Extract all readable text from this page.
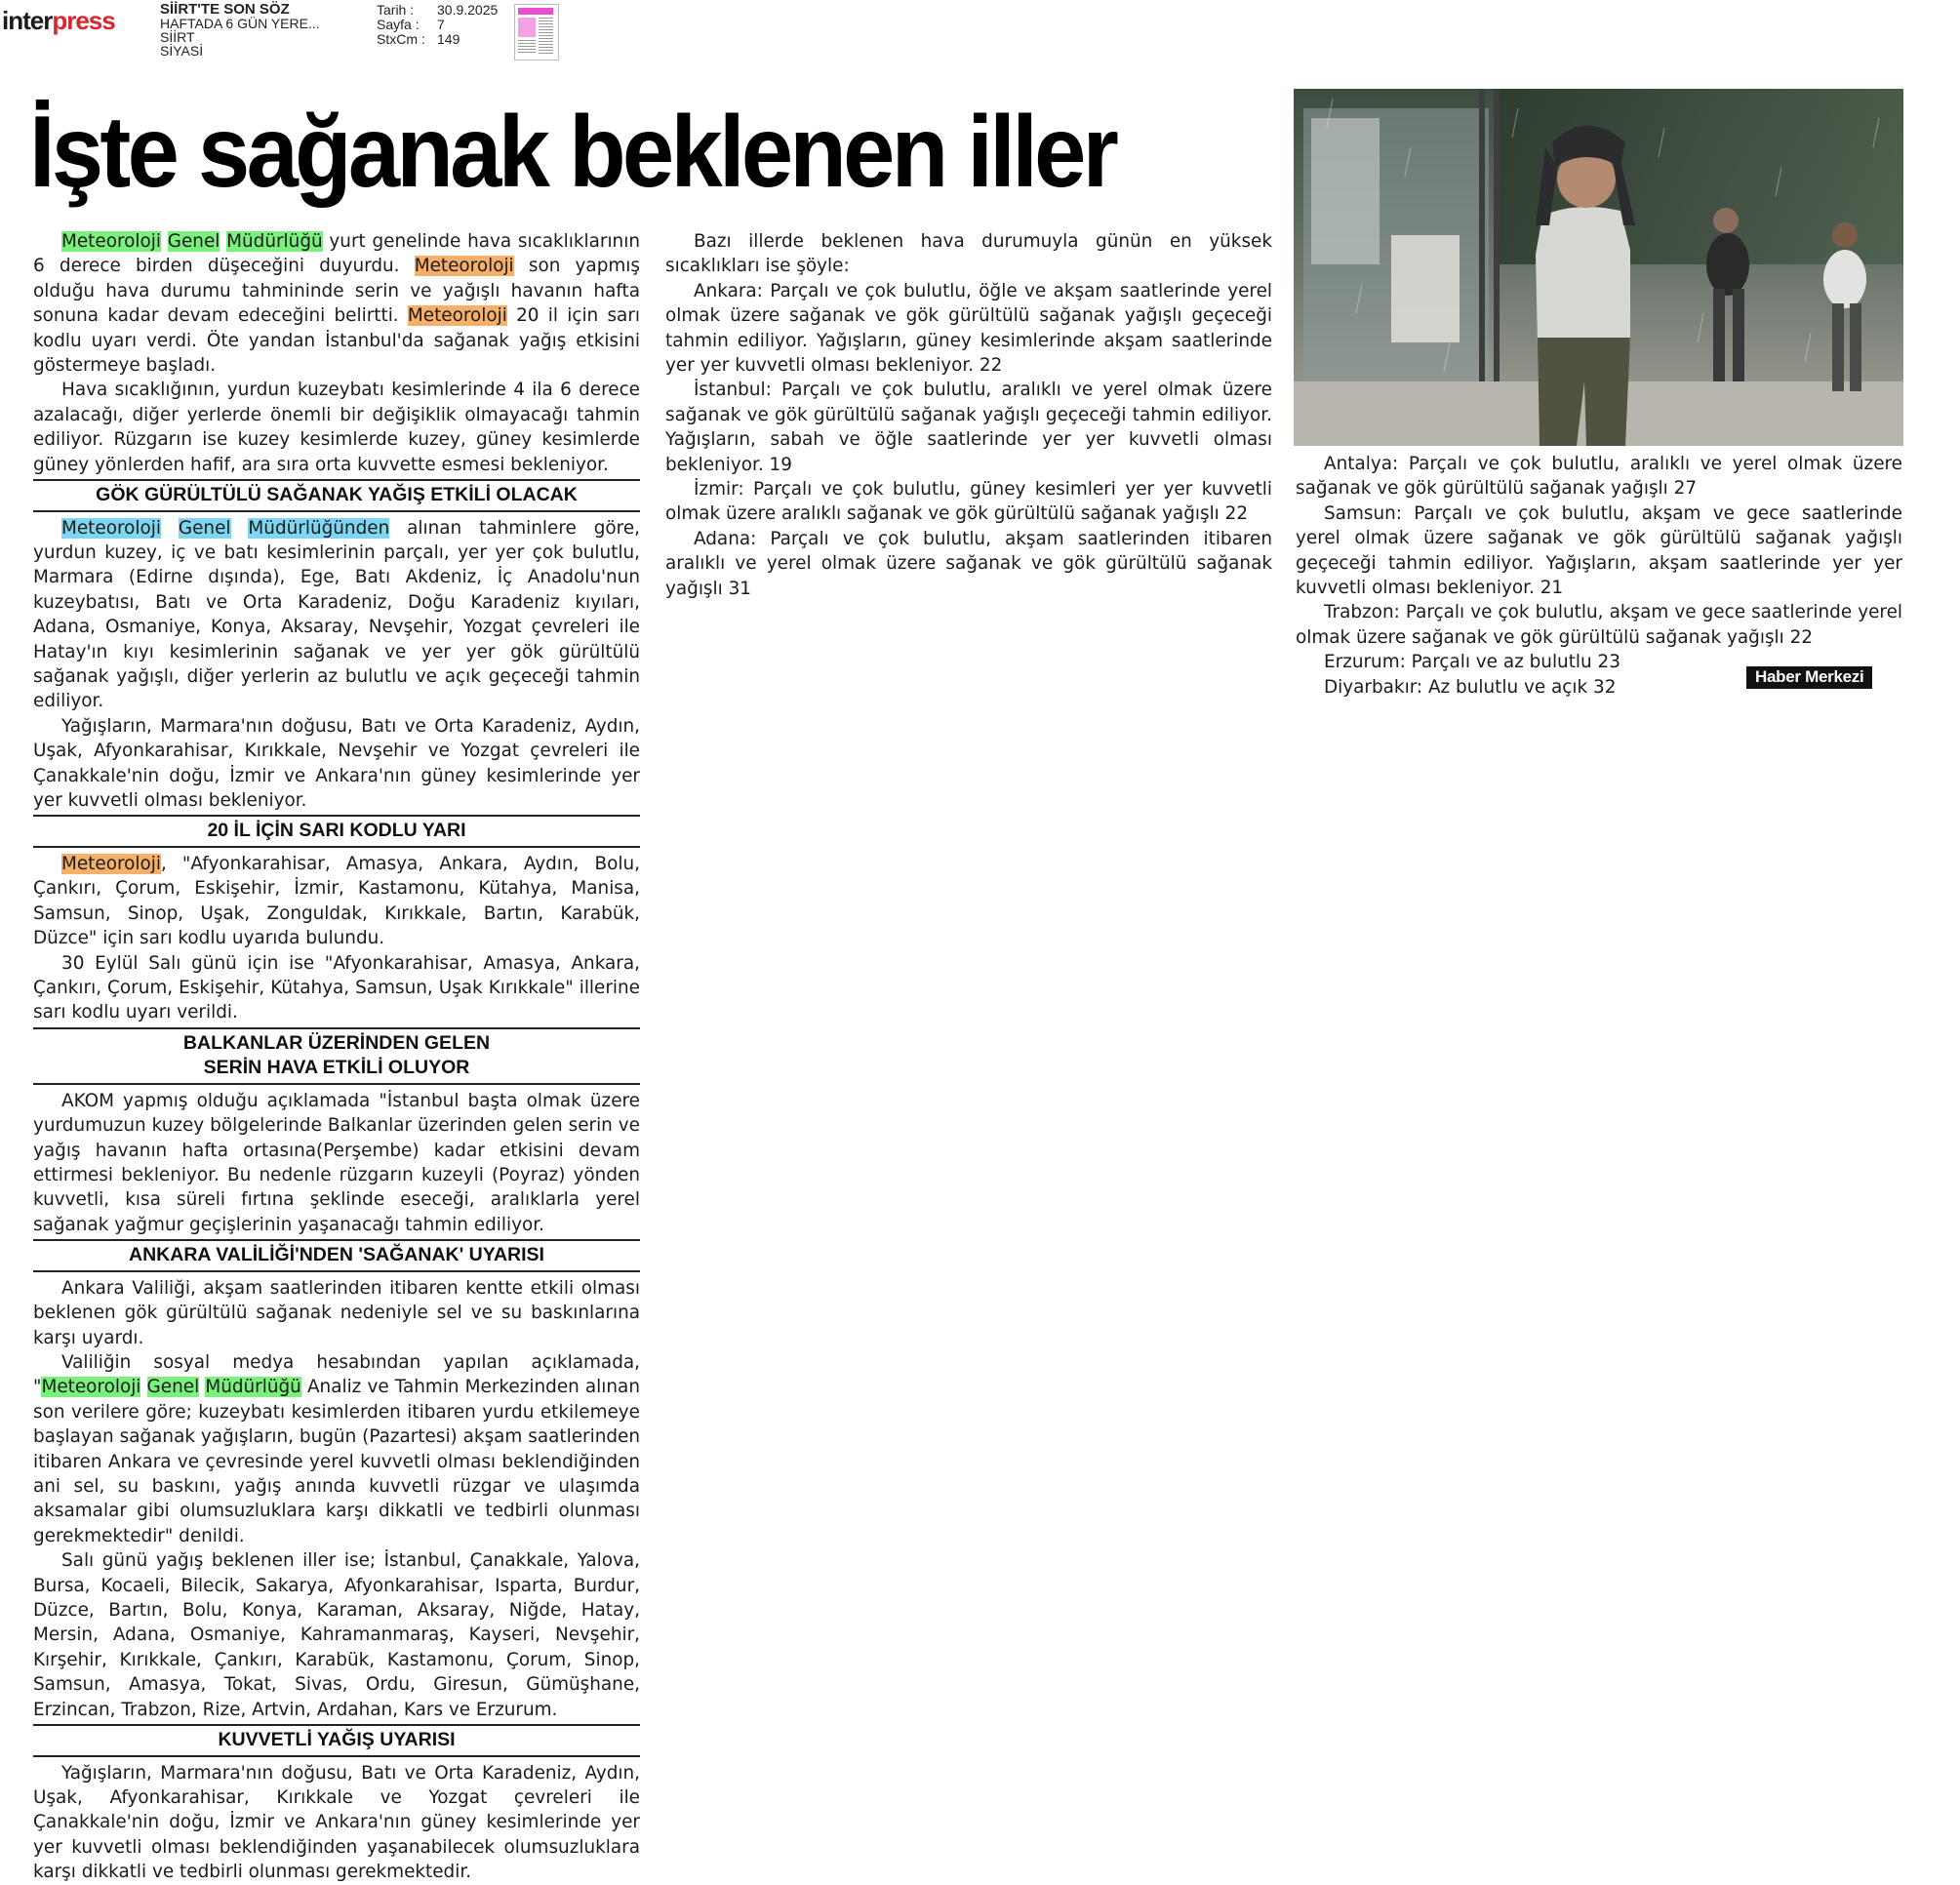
interpress	SİİRT'TE SON SÖZ
HAFTADA 6 GÜN YERE...
SİİRT
SİYASİ
Tarih :	30.9.2025
Sayfa :	7
StxCm : 149
İşte sağanak beklenen iller

Meteoroloji Genel Müdürlüğü yurt genelinde hava sıcaklıklarının 6 derece birden düşeceğini duyurdu. Meteoroloji son yapmış olduğu hava durumu tahmininde serin ve yağışlı havanın hafta sonuna kadar devam edeceğini belirtti. Meteoroloji 20 il için sarı kodlu uyarı verdi. Öte yandan İstanbul'da sağanak yağış etkisini göstermeye başladı.

Hava sıcaklığının, yurdun kuzeybatı kesimlerinde 4 ila 6 derece azalacağı, diğer yerlerde önemli bir değişiklik olmayacağı tahmin ediliyor. Rüzgarın ise kuzey kesimlerde kuzey, güney kesimlerde güney yönlerden hafif, ara sıra orta kuvvette esmesi bekleniyor.

GÖK GÜRÜLTÜLÜ SAĞANAK YAĞIŞ ETKİLİ OLACAK

Meteoroloji Genel Müdürlüğünden alınan tahminlere göre, yurdun kuzey, iç ve batı kesimlerinin parçalı, yer yer çok bulutlu, Marmara (Edirne dışında), Ege, Batı Akdeniz, İç Anadolu'nun kuzeybatısı, Batı ve Orta Karadeniz, Doğu Karadeniz kıyıları, Adana, Osmaniye, Konya, Aksaray, Nevşehir, Yozgat çevreleri ile Hatay'ın kıyı kesimlerinin sağanak ve yer yer gök gürültülü sağanak yağışlı, diğer yerlerin az bulutlu ve açık geçeceği tahmin ediliyor.

Yağışların, Marmara'nın doğusu, Batı ve Orta Karadeniz, Aydın, Uşak, Afyonkarahisar, Kırıkkale, Nevşehir ve Yozgat çevreleri ile Çanakkale'nin doğu, İzmir ve Ankara'nın güney kesimlerinde yer yer kuvvetli olması bekleniyor.

20 İL İÇİN SARI KODLU YARI

Meteoroloji, "Afyonkarahisar, Amasya, Ankara, Aydın, Bolu, Çankırı, Çorum, Eskişehir, İzmir, Kastamonu, Kütahya, Manisa, Samsun, Sinop, Uşak, Zonguldak, Kırıkkale, Bartın, Karabük, Düzce" için sarı kodlu uyarıda bulundu.

30 Eylül Salı günü için ise "Afyonkarahisar, Amasya, Ankara, Çankırı, Çorum, Eskişehir, Kütahya, Samsun, Uşak Kırıkkale" illerine sarı kodlu uyarı verildi.

BALKANLAR ÜZERİNDEN GELEN
SERİN HAVA ETKİLİ OLUYOR

AKOM yapmış olduğu açıklamada "İstanbul başta olmak üzere yurdumuzun kuzey bölgelerinde Balkanlar üzerinden gelen serin ve yağış havanın hafta ortasına(Perşembe) kadar etkisini devam ettirmesi bekleniyor. Bu nedenle rüzgarın kuzeyli (Poyraz) yönden kuvvetli, kısa süreli fırtına şeklinde eseceği, aralıklarla yerel sağanak yağmur geçişlerinin yaşanacağı tahmin ediliyor.

ANKARA VALİLİĞİ'NDEN 'SAĞANAK' UYARISI

Ankara Valiliği, akşam saatlerinden itibaren kentte etkili olması beklenen gök gürültülü sağanak nedeniyle sel ve su baskınlarına karşı uyardı.

Valiliğin sosyal medya hesabından yapılan açıklamada, "Meteoroloji Genel Müdürlüğü Analiz ve Tahmin Merkezinden alınan son verilere göre; kuzeybatı kesimlerden itibaren yurdu etkilemeye başlayan sağanak yağışların, bugün (Pazartesi) akşam saatlerinden itibaren Ankara ve çevresinde yerel kuvvetli olması beklendiğinden ani sel, su baskını, yağış anında kuvvetli rüzgar ve ulaşımda aksamalar gibi olumsuzluklara karşı dikkatli ve tedbirli olunması gerekmektedir" denildi.

Salı günü yağış beklenen iller ise; İstanbul, Çanakkale, Yalova, Bursa, Kocaeli, Bilecik, Sakarya, Afyonkarahisar, Isparta, Burdur, Düzce, Bartın, Bolu, Konya, Karaman, Aksaray, Niğde, Hatay, Mersin, Adana, Osmaniye, Kahramanmaraş, Kayseri, Nevşehir, Kırşehir, Kırıkkale, Çankırı, Karabük, Kastamonu, Çorum, Sinop, Samsun, Amasya, Tokat, Sivas, Ordu, Giresun, Gümüşhane, Erzincan, Trabzon, Rize, Artvin, Ardahan, Kars ve Erzurum.

KUVVETLİ YAĞIŞ UYARISI

Yağışların, Marmara'nın doğusu, Batı ve Orta Karadeniz, Aydın, Uşak, Afyonkarahisar, Kırıkkale ve Yozgat çevreleri ile Çanakkale'nin doğu, İzmir ve Ankara'nın güney kesimlerinde yer yer kuvvetli olması beklendiğinden yaşanabilecek olumsuzluklara karşı dikkatli ve tedbirli olunması gerekmektedir.

Bazı illerde beklenen hava durumuyla günün en yüksek sıcaklıkları ise şöyle:

Ankara: Parçalı ve çok bulutlu, öğle ve akşam saatlerinde yerel olmak üzere sağanak ve gök gürültülü sağanak yağışlı geçeceği tahmin ediliyor. Yağışların, güney kesimlerinde akşam saatlerinde yer yer kuvvetli olması bekleniyor. 22

İstanbul: Parçalı ve çok bulutlu, aralıklı ve yerel olmak üzere sağanak ve gök gürültülü sağanak yağışlı geçeceği tahmin ediliyor. Yağışların, sabah ve öğle saatlerinde yer yer kuvvetli olması bekleniyor. 19

İzmir: Parçalı ve çok bulutlu, güney kesimleri yer yer kuvvetli olmak üzere aralıklı sağanak ve gök gürültülü sağanak yağışlı 22

Adana: Parçalı ve çok bulutlu, akşam saatlerinden itibaren aralıklı ve yerel olmak üzere sağanak ve gök gürültülü sağanak yağışlı 31

Antalya: Parçalı ve çok bulutlu, aralıklı ve yerel olmak üzere sağanak ve gök gürültülü sağanak yağışlı 27

Samsun: Parçalı ve çok bulutlu, akşam ve gece saatlerinde yerel olmak üzere sağanak ve gök gürültülü sağanak yağışlı geçeceği tahmin ediliyor. Yağışların, akşam saatlerinde yer yer kuvvetli olması bekleniyor. 21

Trabzon: Parçalı ve çok bulutlu, akşam ve gece saatlerinde yerel olmak üzere sağanak ve gök gürültülü sağanak yağışlı 22

Erzurum: Parçalı ve az bulutlu 23

Diyarbakır: Az bulutlu ve açık 32

Haber Merkezi
